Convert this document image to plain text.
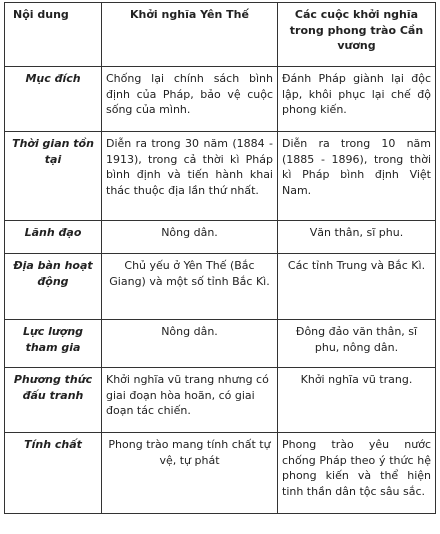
Nội dung	Khởi nghĩa Yên Thế	Các cuộc khởi nghĩa trong phong trào Cần vương
Mục đích	Chống lại chính sách bình định của Pháp, bảo vệ cuộc sống của mình.	Đánh Pháp giành lại độc lập, khôi phục lại chế độ phong kiến.
Thời gian tồn tại	Diễn ra trong 30 năm (1884 - 1913), trong cả thời kì Pháp bình định và tiến hành khai thác thuộc địa lần thứ nhất.	Diễn ra trong 10 năm (1885 - 1896), trong thời kì Pháp bình định Việt Nam.
Lãnh đạo	Nông dân.	Văn thân, sĩ phu.
Địa bàn hoạt động	Chủ yếu ở Yên Thế (Bắc Giang) và một số tỉnh Bắc Kì.	Các tỉnh Trung và Bắc Kì.
Lực lượng tham gia	Nông dân.	Đông đảo văn thân, sĩ phu, nông dân.
Phương thức đấu tranh	Khởi nghĩa vũ trang nhưng có giai đoạn hòa hoãn, có giai đoạn tác chiến.	Khởi nghĩa vũ trang.
Tính chất	Phong trào mang tính chất tự vệ, tự phát	Phong trào yêu nước chống Pháp theo ý thức hệ phong kiến và thể hiện tinh thần dân tộc sâu sắc.
